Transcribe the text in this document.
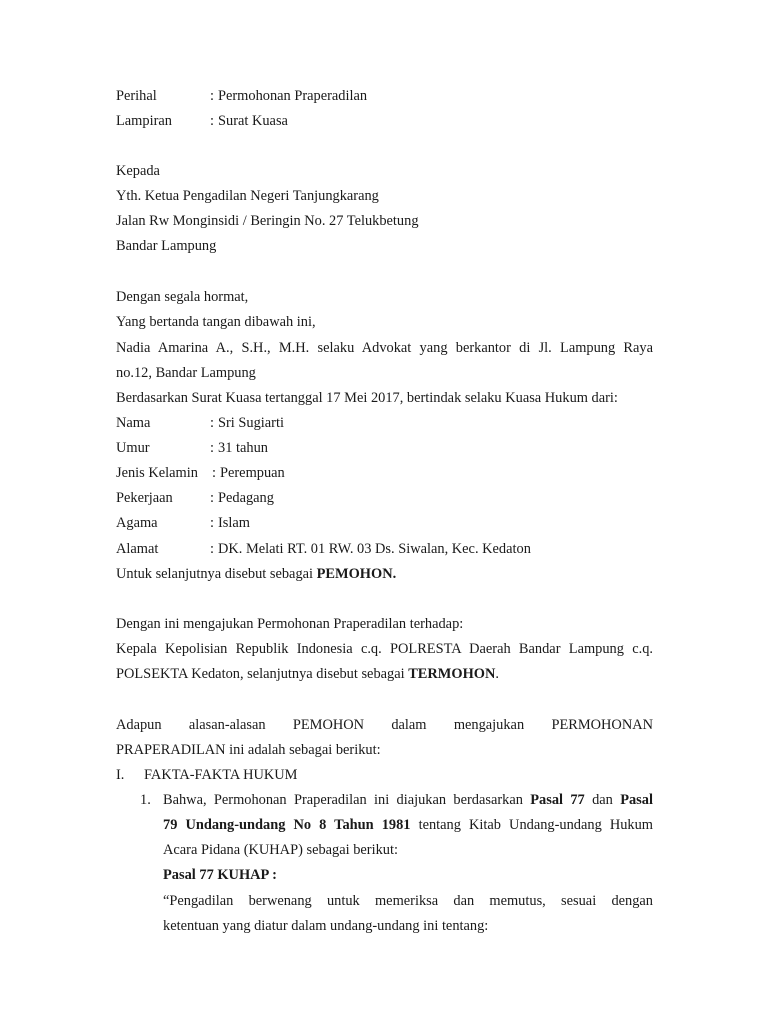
Perihal	: Permohonan Praperadilan
Lampiran	: Surat Kuasa
Kepada
Yth. Ketua Pengadilan Negeri Tanjungkarang
Jalan Rw Monginsidi / Beringin No. 27 Telukbetung
Bandar Lampung
Dengan segala hormat,
Yang bertanda tangan dibawah ini,
Nadia Amarina A., S.H., M.H. selaku Advokat yang berkantor di Jl. Lampung Raya
no.12, Bandar Lampung
Berdasarkan Surat Kuasa tertanggal 17 Mei 2017, bertindak selaku Kuasa Hukum dari:
Nama	: Sri Sugiarti
Umur	: 31 tahun
Jenis Kelamin : Perempuan
Pekerjaan	: Pedagang
Agama	: Islam
Alamat	: DK. Melati RT. 01 RW. 03 Ds. Siwalan, Kec. Kedaton
Untuk selanjutnya disebut sebagai PEMOHON.
Dengan ini mengajukan Permohonan Praperadilan terhadap:
Kepala Kepolisian Republik Indonesia c.q. POLRESTA Daerah Bandar Lampung c.q.
POLSEKTA Kedaton, selanjutnya disebut sebagai TERMOHON.
Adapun alasan-alasan PEMOHON dalam mengajukan PERMOHONAN
PRAPERADILAN ini adalah sebagai berikut:
I. FAKTA-FAKTA HUKUM
1. Bahwa, Permohonan Praperadilan ini diajukan berdasarkan Pasal 77 dan Pasal
79 Undang-undang No 8 Tahun 1981 tentang Kitab Undang-undang Hukum
Acara Pidana (KUHAP) sebagai berikut:
Pasal 77 KUHAP :
“Pengadilan berwenang untuk memeriksa dan memutus, sesuai dengan
ketentuan yang diatur dalam undang-undang ini tentang:
